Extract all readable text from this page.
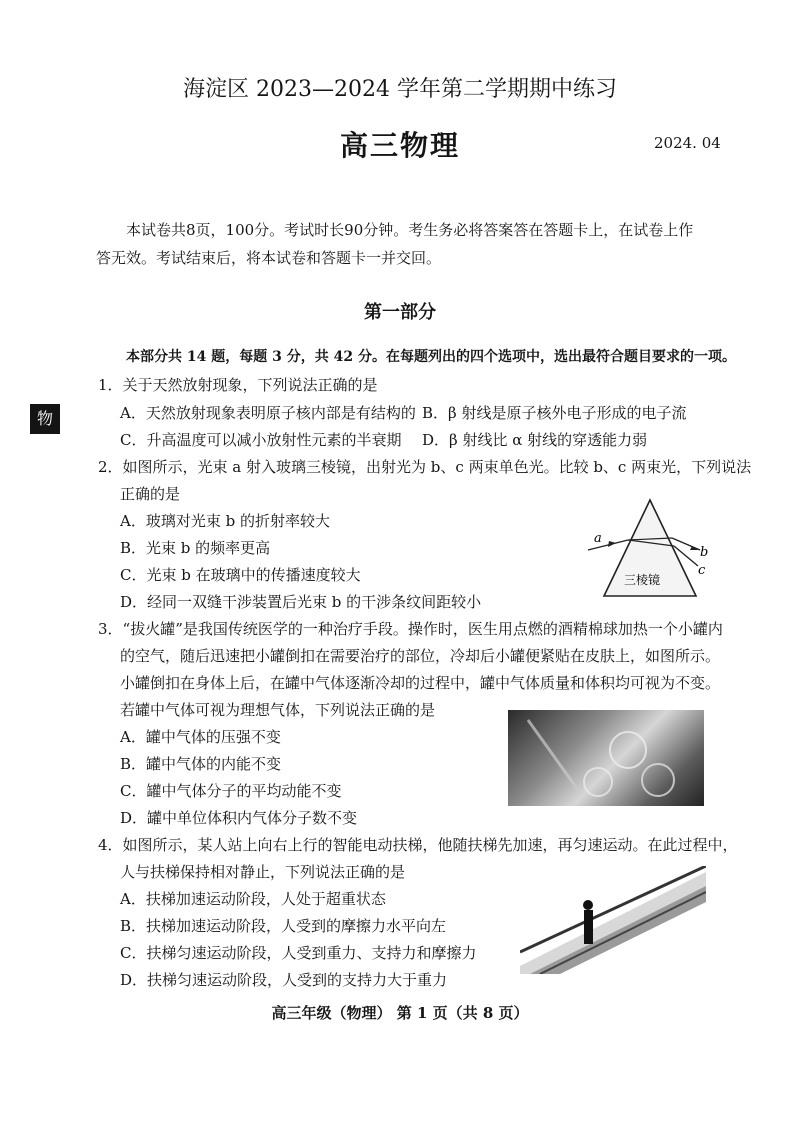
海淀区 2023—2024 学年第二学期期中练习
高三物理	2024. 04
本试卷共8页，100分。考试时长90分钟。考生务必将答案答在答题卡上，在试卷上作答无效。考试结束后，将本试卷和答题卡一并交回。
物
第一部分
本部分共 14 题，每题 3 分，共 42 分。在每题列出的四个选项中，选出最符合题目要求的一项。
1．关于天然放射现象，下列说法正确的是
A．天然放射现象表明原子核内部是有结构的 B．β 射线是原子核外电子形成的电子流
C．升高温度可以减小放射性元素的半衰期 D．β 射线比 α 射线的穿透能力弱
2．如图所示，光束 a 射入玻璃三棱镜，出射光为 b、c 两束单色光。比较 b、c 两束光，下列说法
正确的是
A．玻璃对光束 b 的折射率较大
B．光束 b 的频率更高
C．光束 b 在玻璃中的传播速度较大
D．经同一双缝干涉装置后光束 b 的干涉条纹间距较小
a
b
c
三棱镜
3．“拔火罐”是我国传统医学的一种治疗手段。操作时，医生用点燃的酒精棉球加热一个小罐内
的空气，随后迅速把小罐倒扣在需要治疗的部位，冷却后小罐便紧贴在皮肤上，如图所示。
小罐倒扣在身体上后，在罐中气体逐渐冷却的过程中，罐中气体质量和体积均可视为不变。
若罐中气体可视为理想气体，下列说法正确的是
A．罐中气体的压强不变
B．罐中气体的内能不变
C．罐中气体分子的平均动能不变
D．罐中单位体积内气体分子数不变
4．如图所示，某人站上向右上行的智能电动扶梯，他随扶梯先加速，再匀速运动。在此过程中，
人与扶梯保持相对静止，下列说法正确的是
A．扶梯加速运动阶段，人处于超重状态
B．扶梯加速运动阶段，人受到的摩擦力水平向左
C．扶梯匀速运动阶段，人受到重力、支持力和摩擦力
D．扶梯匀速运动阶段，人受到的支持力大于重力
高三年级（物理） 第 1 页（共 8 页）
